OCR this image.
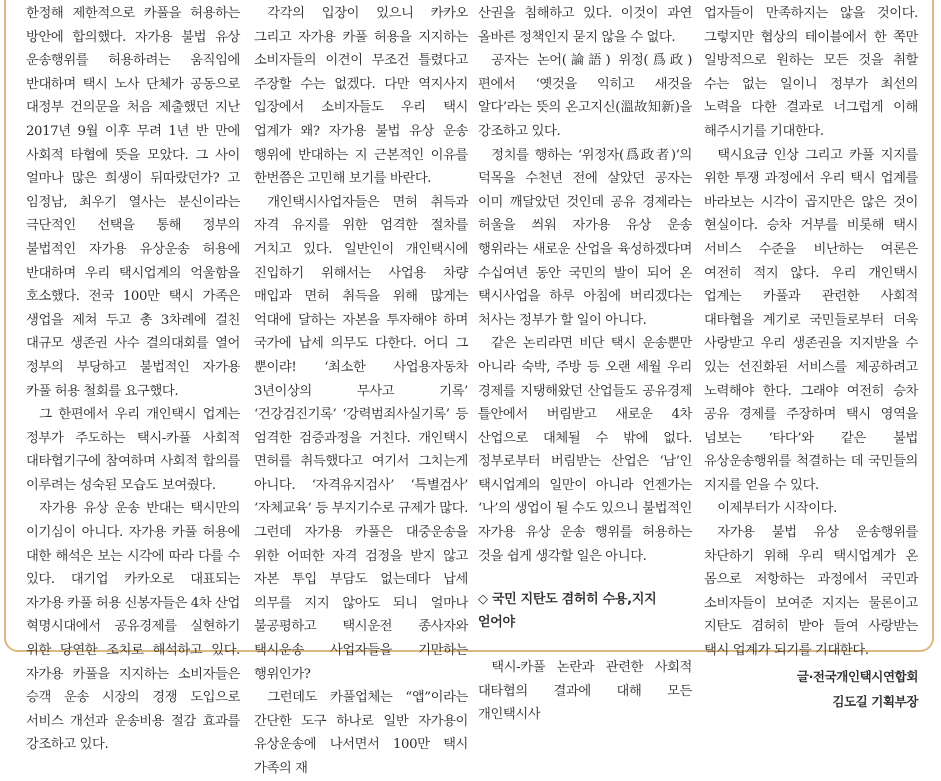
한정해 제한적으로 카풀을 허용하는 방안에 합의했다. 자가용 불법 유상 운송행위를 허용하려는 움직임에 반대하며 택시 노사 단체가 공동으로 대정부 건의문을 처음 제출했던 지난 2017년 9월 이후 무려 1년 반 만에 사회적 타협에 뜻을 모았다. 그 사이 얼마나 많은 희생이 뒤따랐던가? 고 임정남, 최우기 열사는 분신이라는 극단적인 선택을 통해 정부의 불법적인 자가용 유상운송 허용에 반대하며 우리 택시업계의 억울함을 호소했다. 전국 100만 택시 가족은 생업을 제쳐 두고 총 3차례에 걸친 대규모 생존권 사수 결의대회를 열어 정부의 부당하고 불법적인 자가용 카풀 허용 철회를 요구했다.

그 한편에서 우리 개인택시 업계는 정부가 주도하는 택시-카풀 사회적 대타협기구에 참여하며 사회적 합의를 이루려는 성숙된 모습도 보여줬다.

자가용 유상 운송 반대는 택시만의 이기심이 아니다. 자가용 카풀 허용에 대한 해석은 보는 시각에 따라 다를 수 있다. 대기업 카카오로 대표되는 자가용 카풀 허용 신봉자들은 4차 산업 혁명시대에서 공유경제를 실현하기 위한 당연한 조치로 해석하고 있다. 자가용 카풀을 지지하는 소비자들은 승객 운송 시장의 경쟁 도입으로 서비스 개선과 운송비용 절감 효과를 강조하고 있다.

각각의 입장이 있으니 카카오 그리고 자가용 카풀 허용을 지지하는 소비자들의 이견이 무조건 틀렸다고 주장할 수는 없겠다. 다만 역지사지 입장에서 소비자들도 우리 택시 업계가 왜? 자가용 불법 유상 운송 행위에 반대하는 지 근본적인 이유를 한번쯤은 고민해 보기를 바란다.

개인택시사업자들은 면허 취득과 자격 유지를 위한 엄격한 절차를 거치고 있다. 일반인이 개인택시에 진입하기 위해서는 사업용 차량 매입과 면허 취득을 위해 많게는 억대에 달하는 자본을 투자해야 하며 국가에 납세 의무도 다한다. 어디 그 뿐이랴! ‘최소한 사업용자동차 3년이상의 무사고 기록’ ‘건강검진기록’ ‘강력범죄사실기록’ 등 엄격한 검증과정을 거친다. 개인택시 면허를 취득했다고 여기서 그치는게 아니다. ‘자격유지검사’ ‘특별검사’ ‘자체교육’ 등 부지기수로 규제가 많다. 그런데 자가용 카풀은 대중운송을 위한 어떠한 자격 검정을 받지 않고 자본 투입 부담도 없는데다 납세 의무를 지지 않아도 되니 얼마나 불공평하고 택시운전 종사자와 택시운송 사업자들을 기만하는 행위인가?

그런데도 카풀업체는 “앱”이라는 간단한 도구 하나로 일반 자가용이 유상운송에 나서면서 100만 택시 가족의 재

산권을 침해하고 있다. 이것이 과연 올바른 정책인지 묻지 않을 수 없다.

공자는 논어(論語) 위정(爲政)편에서 ‘옛것을 익히고 새것을 알다’라는 뜻의 온고지신(溫故知新)을 강조하고 있다.

정치를 행하는 ‘위정자(爲政者)’의 덕목을 수천년 전에 살았던 공자는 이미 깨달았던 것인데 공유 경제라는 허울을 씌워 자가용 유상 운송 행위라는 새로운 산업을 육성하겠다며 수십여년 동안 국민의 발이 되어 온 택시사업을 하루 아침에 버리겠다는 처사는 정부가 할 일이 아니다.

같은 논리라면 비단 택시 운송뿐만 아니라 숙박, 주방 등 오랜 세월 우리 경제를 지탱해왔던 산업들도 공유경제 틀안에서 버림받고 새로운 4차 산업으로 대체될 수 밖에 없다. 정부로부터 버림받는 산업은 ‘남’인 택시업계의 일만이 아니라 언젠가는 ‘나’의 생업이 될 수도 있으니 불법적인 자가용 유상 운송 행위를 허용하는 것을 쉽게 생각할 일은 아니다.

◇ 국민 지탄도 겸허히 수용,지지 얻어야

택시-카풀 논란과 관련한 사회적 대타협의 결과에 대해 모든 개인택시사

업자들이 만족하지는 않을 것이다. 그렇지만 협상의 테이블에서 한 쪽만 일방적으로 원하는 모든 것을 취할 수는 없는 일이니 정부가 최선의 노력을 다한 결과로 너그럽게 이해 해주시기를 기대한다.

택시요금 인상 그리고 카풀 지지를 위한 투쟁 과정에서 우리 택시 업계를 바라보는 시각이 곱지만은 않은 것이 현실이다. 승차 거부를 비롯해 택시 서비스 수준을 비난하는 여론은 여전히 적지 않다. 우리 개인택시 업계는 카풀과 관련한 사회적 대타협을 계기로 국민들로부터 더욱 사랑받고 우리 생존권을 지지받을 수 있는 선진화된 서비스를 제공하려고 노력해야 한다. 그래야 여전히 승차 공유 경제를 주장하며 택시 영역을 넘보는 ‘타다’와 같은 불법 유상운송행위를 척결하는 데 국민들의 지지를 얻을 수 있다.

이제부터가 시작이다.

자가용 불법 유상 운송행위를 차단하기 위해 우리 택시업계가 온 몸으로 저항하는 과정에서 국민과 소비자들이 보여준 지지는 물론이고 지탄도 겸허히 받아 들여 사랑받는 택시 업계가 되기를 기대한다.

글·전국개인택시연합회
김도길 기획부장
